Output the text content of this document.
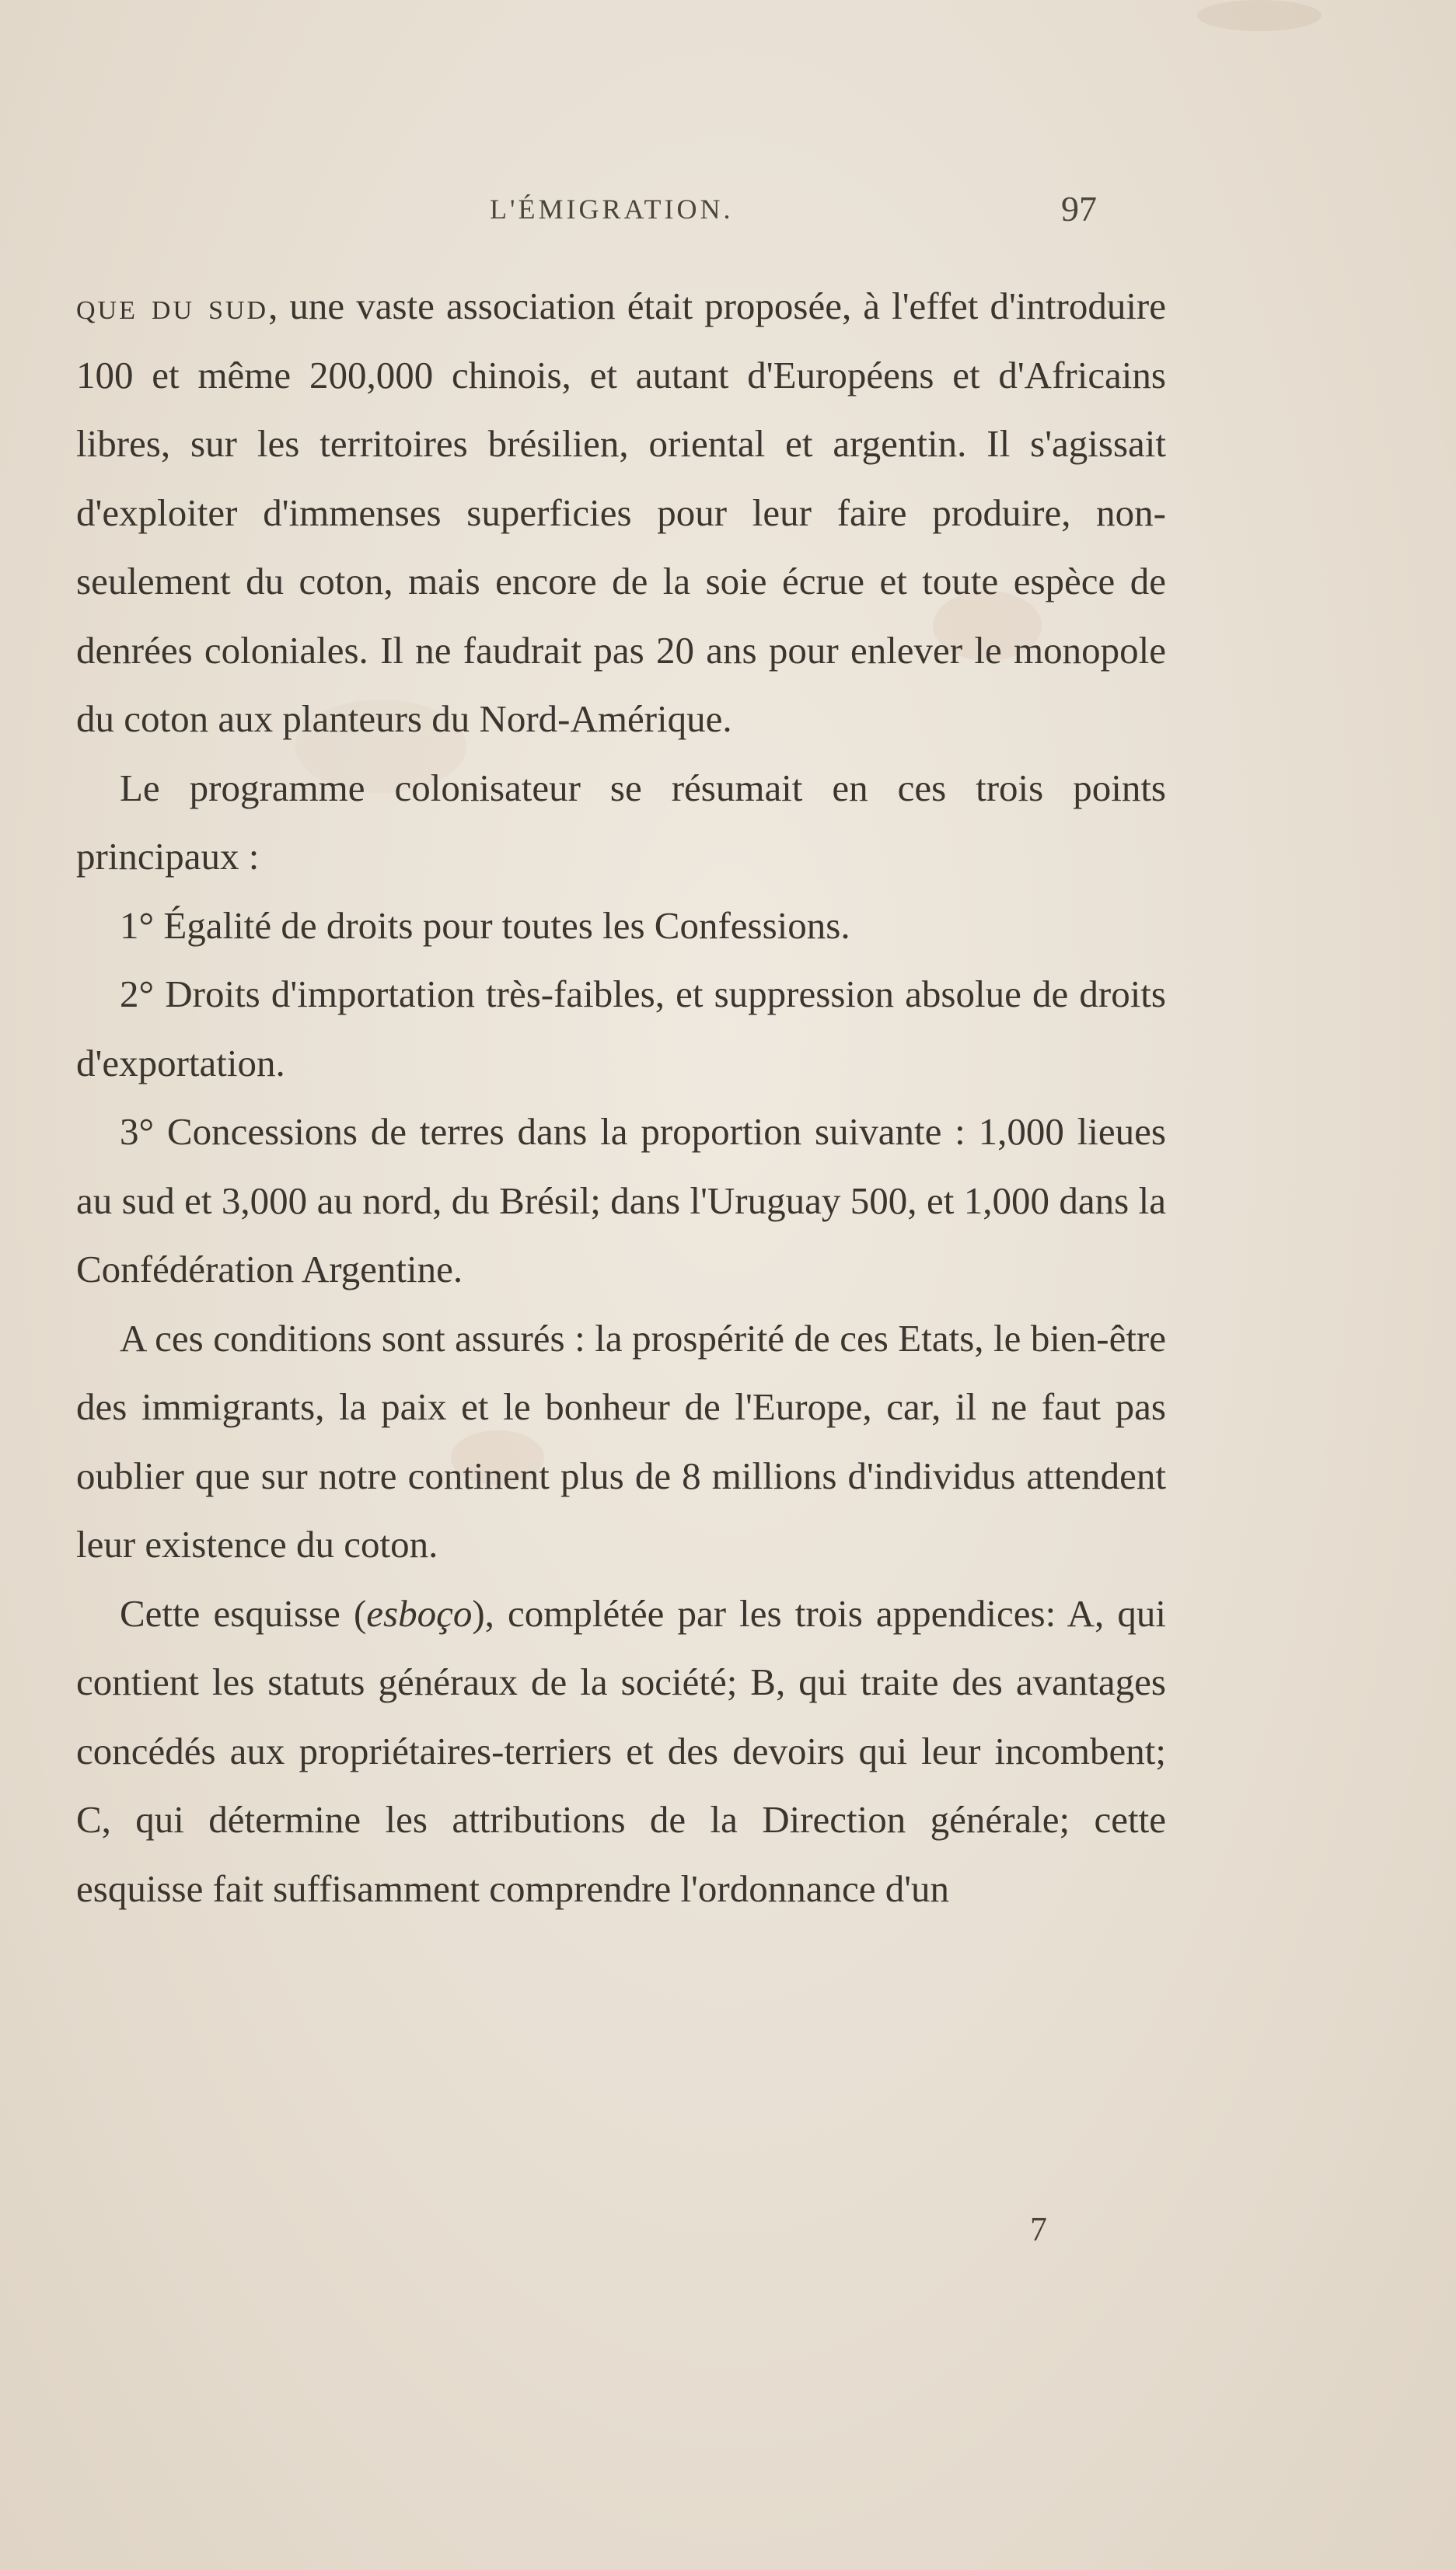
L'ÉMIGRATION.	97

que du sud, une vaste association était proposée, à l'effet d'introduire 100 et même 200,000 chinois, et autant d'Européens et d'Africains libres, sur les territoires brésilien, oriental et argentin. Il s'agissait d'exploiter d'immenses superficies pour leur faire produire, non-seulement du coton, mais encore de la soie écrue et toute espèce de denrées coloniales. Il ne faudrait pas 20 ans pour enlever le monopole du coton aux planteurs du Nord-Amérique.

Le programme colonisateur se résumait en ces trois points principaux :

1° Égalité de droits pour toutes les Confessions.

2° Droits d'importation très-faibles, et suppression absolue de droits d'exportation.

3° Concessions de terres dans la proportion suivante : 1,000 lieues au sud et 3,000 au nord, du Brésil; dans l'Uruguay 500, et 1,000 dans la Confédération Argentine.

A ces conditions sont assurés : la prospérité de ces Etats, le bien-être des immigrants, la paix et le bonheur de l'Europe, car, il ne faut pas oublier que sur notre continent plus de 8 millions d'individus attendent leur existence du coton.

Cette esquisse (esboço), complétée par les trois appendices: A, qui contient les statuts généraux de la société; B, qui traite des avantages concédés aux propriétaires-terriers et des devoirs qui leur incombent; C, qui détermine les attributions de la Direction générale; cette esquisse fait suffisamment comprendre l'ordonnance d'un

7
